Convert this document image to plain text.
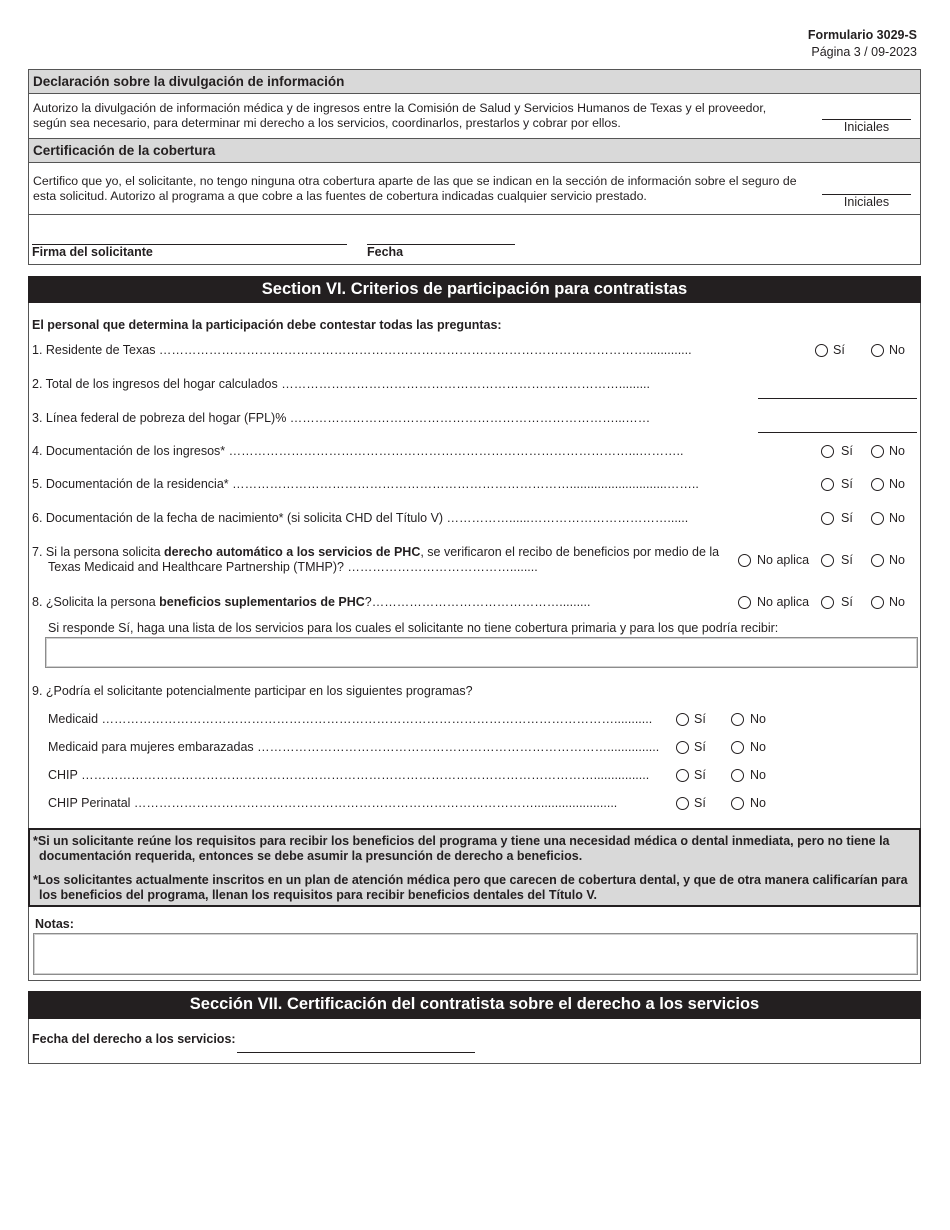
Formulario 3029-S
Página 3 / 09-2023
Declaración sobre la divulgación de información
Autorizo la divulgación de información médica y de ingresos entre la Comisión de Salud y Servicios Humanos de Texas y el proveedor,
según sea necesario, para determinar mi derecho a los servicios, coordinarlos, prestarlos y cobrar por ellos.	Iniciales
Certificación de la cobertura
Certifico que yo, el solicitante, no tengo ninguna otra cobertura aparte de las que se indican en la sección de información sobre el seguro de
esta solicitud. Autorizo al programa a que cobre a las fuentes de cobertura indicadas cualquier servicio prestado.	Iniciales
Firma del solicitante	Fecha
Section VI. Criterios de participación para contratistas
El personal que determina la participación debe contestar todas las preguntas:
1. Residente de Texas ……………………………………………………………………………………………………….............	Sí	No
2. Total de los ingresos del hogar calculados ……………………………………………………………………….........
3. Línea federal de pobreza del hogar (FPL)% ……………………………………………………………………...……
4. Documentación de los ingresos* ……………………………………………………………………………………...………..	Sí	No
5. Documentación de la residencia* ………………………………………………………………………............................……..	Sí	No
6. Documentación de la fecha de nacimiento* (si solicita CHD del Título V) ……………......……………………………......	Sí	No
7. Si la persona solicita derecho automático a los servicios de PHC, se verificaron el recibo de beneficios por medio de la
Texas Medicaid and Healthcare Partnership (TMHP)? …………………………………........	No aplica	Sí	No
8. ¿Solicita la persona beneficios suplementarios de PHC?……………………………………….........	No aplica	Sí	No
Si responde Sí, haga una lista de los servicios para los cuales el solicitante no tiene cobertura primaria y para los que podría recibir:
9. ¿Podría el solicitante potencialmente participar en los siguientes programas?
Medicaid ……………………………………………………………………………………………………………...........	Sí	No
Medicaid para mujeres embarazadas …………………………………………………………………………...............	Sí	No
CHIP ……………………………………………………………………………………………………………................	Sí	No
CHIP Perinatal ……………………………………………………………………………………........................	Sí	No
*Si un solicitante reúne los requisitos para recibir los beneficios del programa y tiene una necesidad médica o dental inmediata, pero no tiene la
documentación requerida, entonces se debe asumir la presunción de derecho a beneficios.
*Los solicitantes actualmente inscritos en un plan de atención médica pero que carecen de cobertura dental, y que de otra manera calificarían para
los beneficios del programa, llenan los requisitos para recibir beneficios dentales del Título V.
Notas:
Sección VII. Certificación del contratista sobre el derecho a los servicios
Fecha del derecho a los servicios:
